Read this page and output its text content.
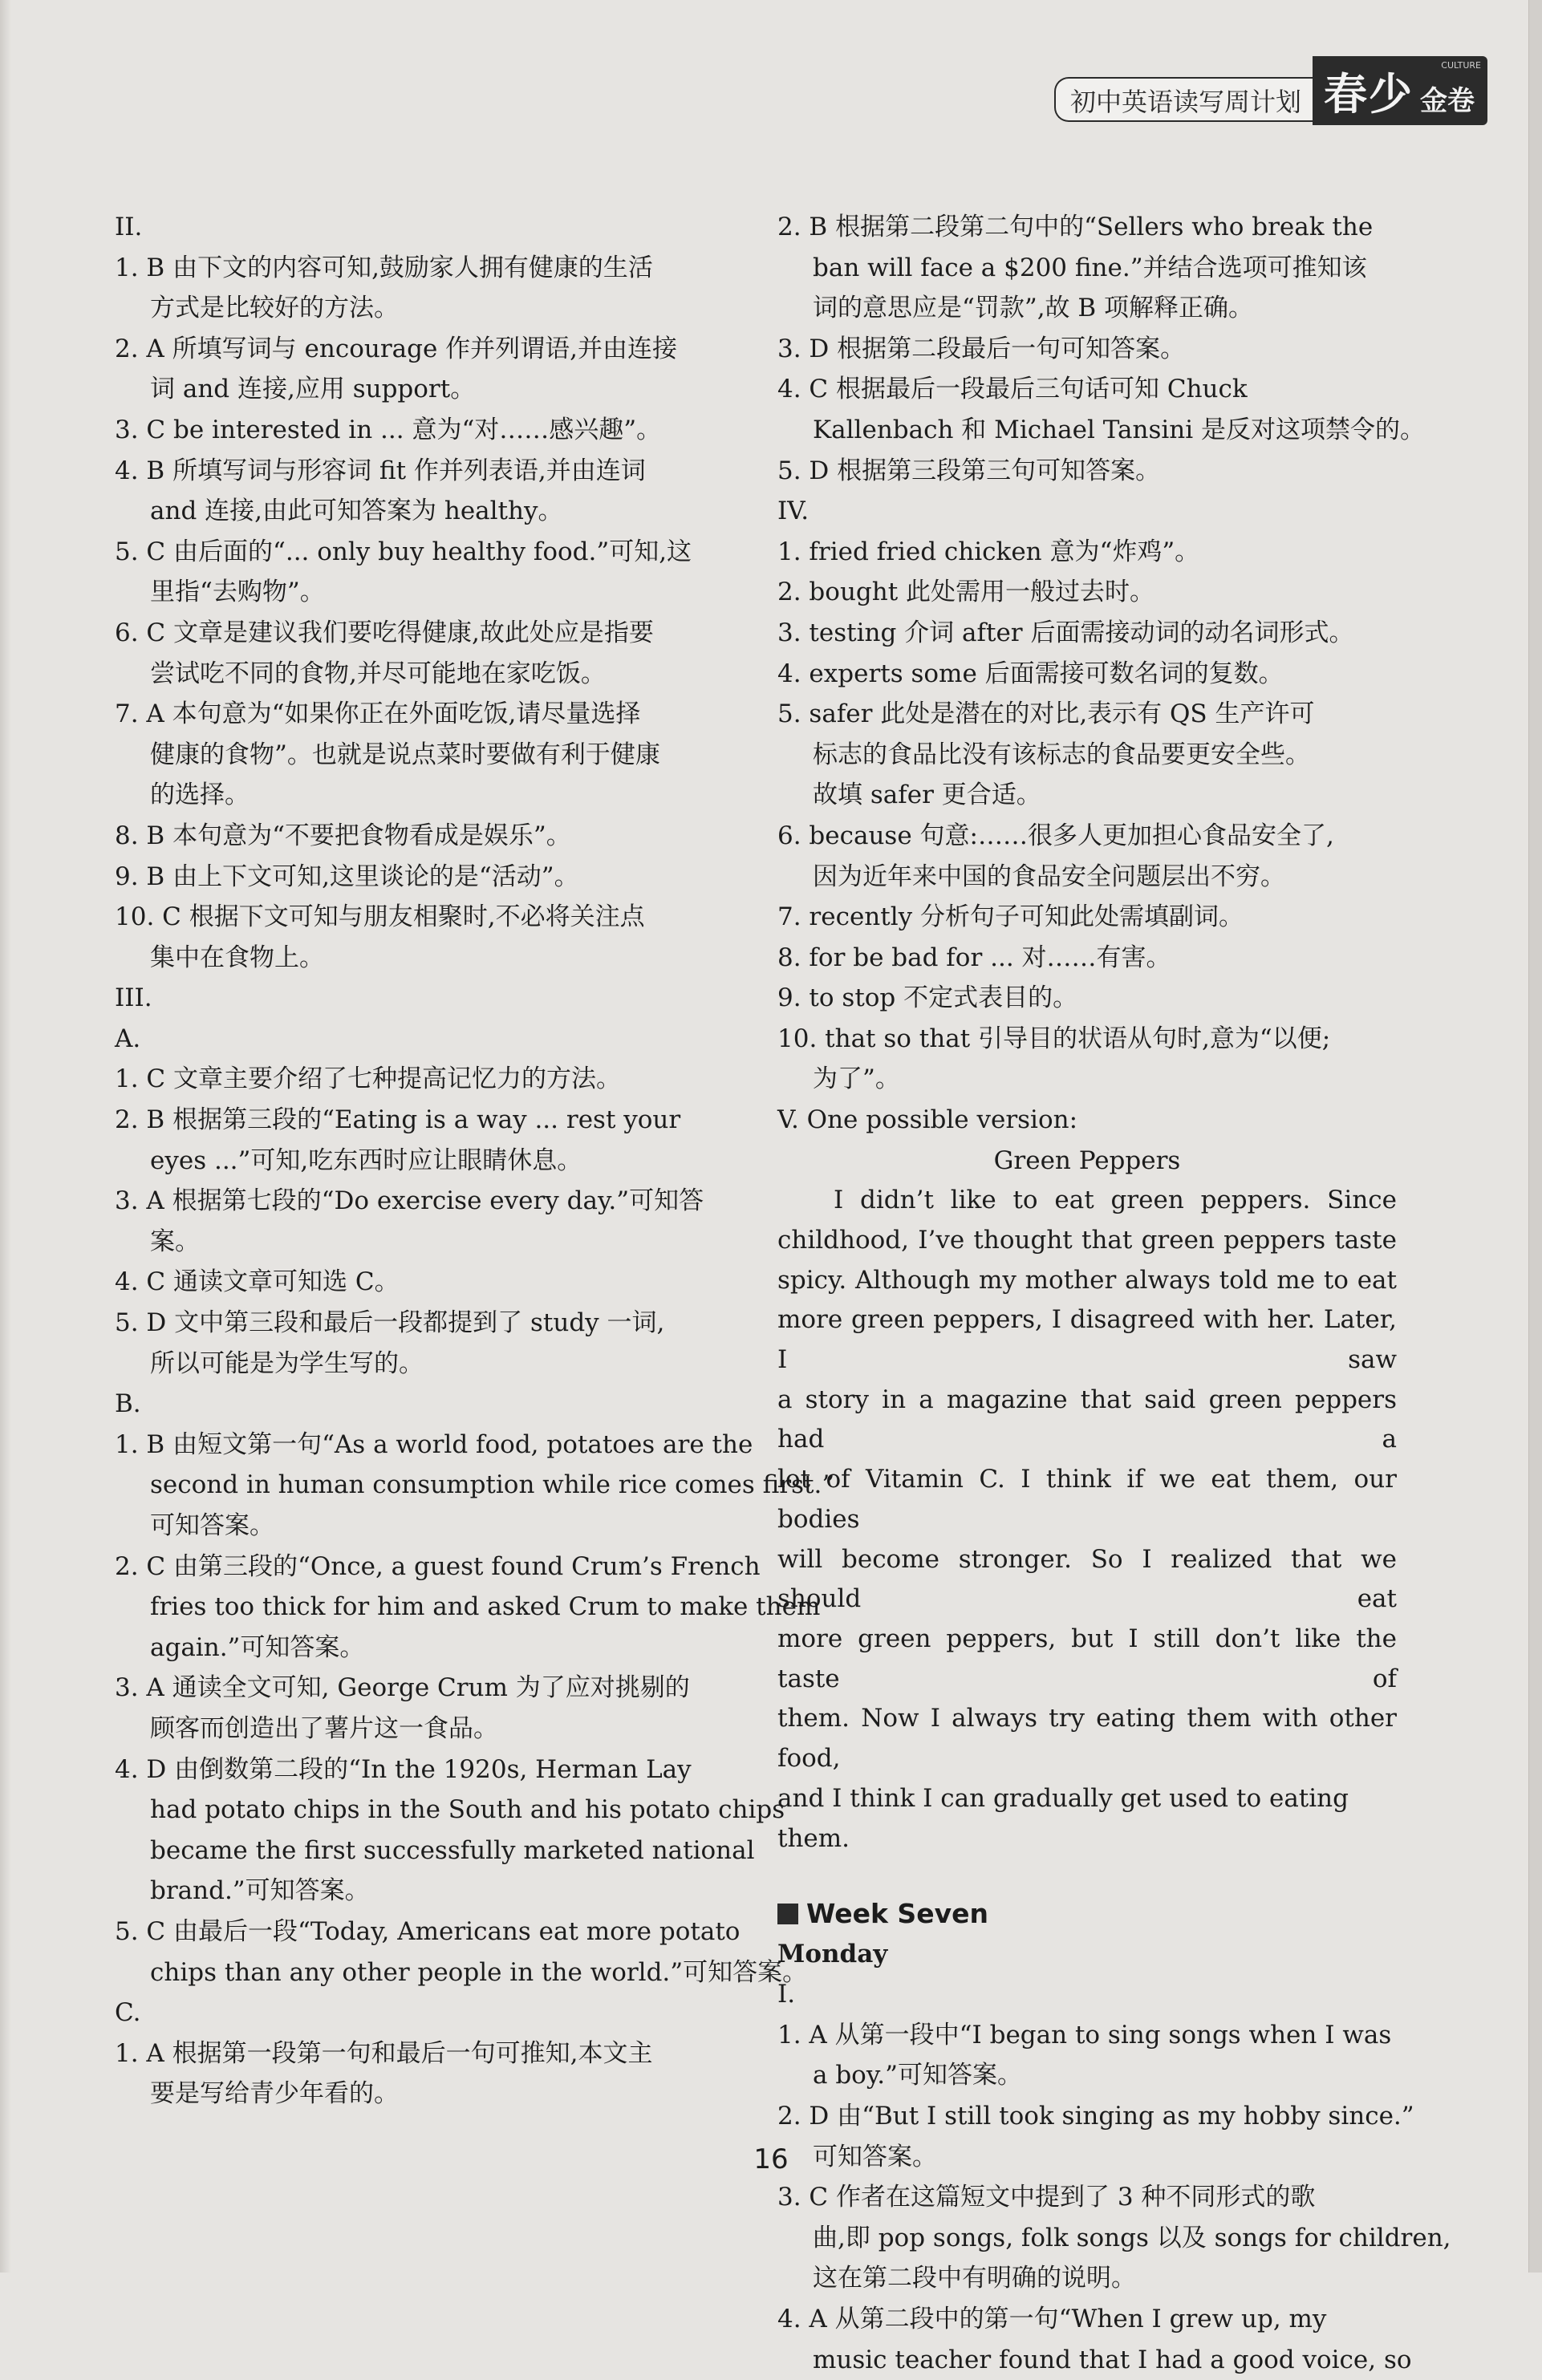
初中英语读写周计划 春少 金卷
CULTURE
II.
1. B 由下文的内容可知,鼓励家人拥有健康的生活
方式是比较好的方法。
2. A 所填写词与 encourage 作并列谓语,并由连接
词 and 连接,应用 support。
3. C be interested in ... 意为“对……感兴趣”。
4. B 所填写词与形容词 fit 作并列表语,并由连词
and 连接,由此可知答案为 healthy。
5. C 由后面的“... only buy healthy food.”可知,这
里指“去购物”。
6. C 文章是建议我们要吃得健康,故此处应是指要
尝试吃不同的食物,并尽可能地在家吃饭。
7. A 本句意为“如果你正在外面吃饭,请尽量选择
健康的食物”。也就是说点菜时要做有利于健康
的选择。
8. B 本句意为“不要把食物看成是娱乐”。
9. B 由上下文可知,这里谈论的是“活动”。
10. C 根据下文可知与朋友相聚时,不必将关注点
集中在食物上。
III.
A.
1. C 文章主要介绍了七种提高记忆力的方法。
2. B 根据第三段的“Eating is a way ... rest your
eyes ...”可知,吃东西时应让眼睛休息。
3. A 根据第七段的“Do exercise every day.”可知答
案。
4. C 通读文章可知选 C。
5. D 文中第三段和最后一段都提到了 study 一词,
所以可能是为学生写的。
B.
1. B 由短文第一句“As a world food, potatoes are the
second in human consumption while rice comes first.”
可知答案。
2. C 由第三段的“Once, a guest found Crum’s French
fries too thick for him and asked Crum to make them
again.”可知答案。
3. A 通读全文可知, George Crum 为了应对挑剔的
顾客而创造出了薯片这一食品。
4. D 由倒数第二段的“In the 1920s, Herman Lay
had potato chips in the South and his potato chips
became the first successfully marketed national
brand.”可知答案。
5. C 由最后一段“Today, Americans eat more potato
chips than any other people in the world.”可知答案。
C.
1. A 根据第一段第一句和最后一句可推知,本文主
要是写给青少年看的。
2. B 根据第二段第二句中的“Sellers who break the
ban will face a $200 fine.”并结合选项可推知该
词的意思应是“罚款”,故 B 项解释正确。
3. D 根据第二段最后一句可知答案。
4. C 根据最后一段最后三句话可知 Chuck
Kallenbach 和 Michael Tansini 是反对这项禁令的。
5. D 根据第三段第三句可知答案。
IV.
1. fried fried chicken 意为“炸鸡”。
2. bought 此处需用一般过去时。
3. testing 介词 after 后面需接动词的动名词形式。
4. experts some 后面需接可数名词的复数。
5. safer 此处是潜在的对比,表示有 QS 生产许可
标志的食品比没有该标志的食品要更安全些。
故填 safer 更合适。
6. because 句意:……很多人更加担心食品安全了,
因为近年来中国的食品安全问题层出不穷。
7. recently 分析句子可知此处需填副词。
8. for be bad for ... 对……有害。
9. to stop 不定式表目的。
10. that so that 引导目的状语从句时,意为“以便;
为了”。
V. One possible version:
Green Peppers
I didn’t like to eat green peppers. Since
childhood, I’ve thought that green peppers taste
spicy. Although my mother always told me to eat
more green peppers, I disagreed with her. Later, I saw
a story in a magazine that said green peppers had a
lot of Vitamin C. I think if we eat them, our bodies
will become stronger. So I realized that we should eat
more green peppers, but I still don’t like the taste of
them. Now I always try eating them with other food,
and I think I can gradually get used to eating them.
Week Seven
Monday
I.
1. A 从第一段中“I began to sing songs when I was
a boy.”可知答案。
2. D 由“But I still took singing as my hobby since.”
可知答案。
3. C 作者在这篇短文中提到了 3 种不同形式的歌
曲,即 pop songs, folk songs 以及 songs for children,
这在第二段中有明确的说明。
4. A 从第二段中的第一句“When I grew up, my
music teacher found that I had a good voice, so
16
